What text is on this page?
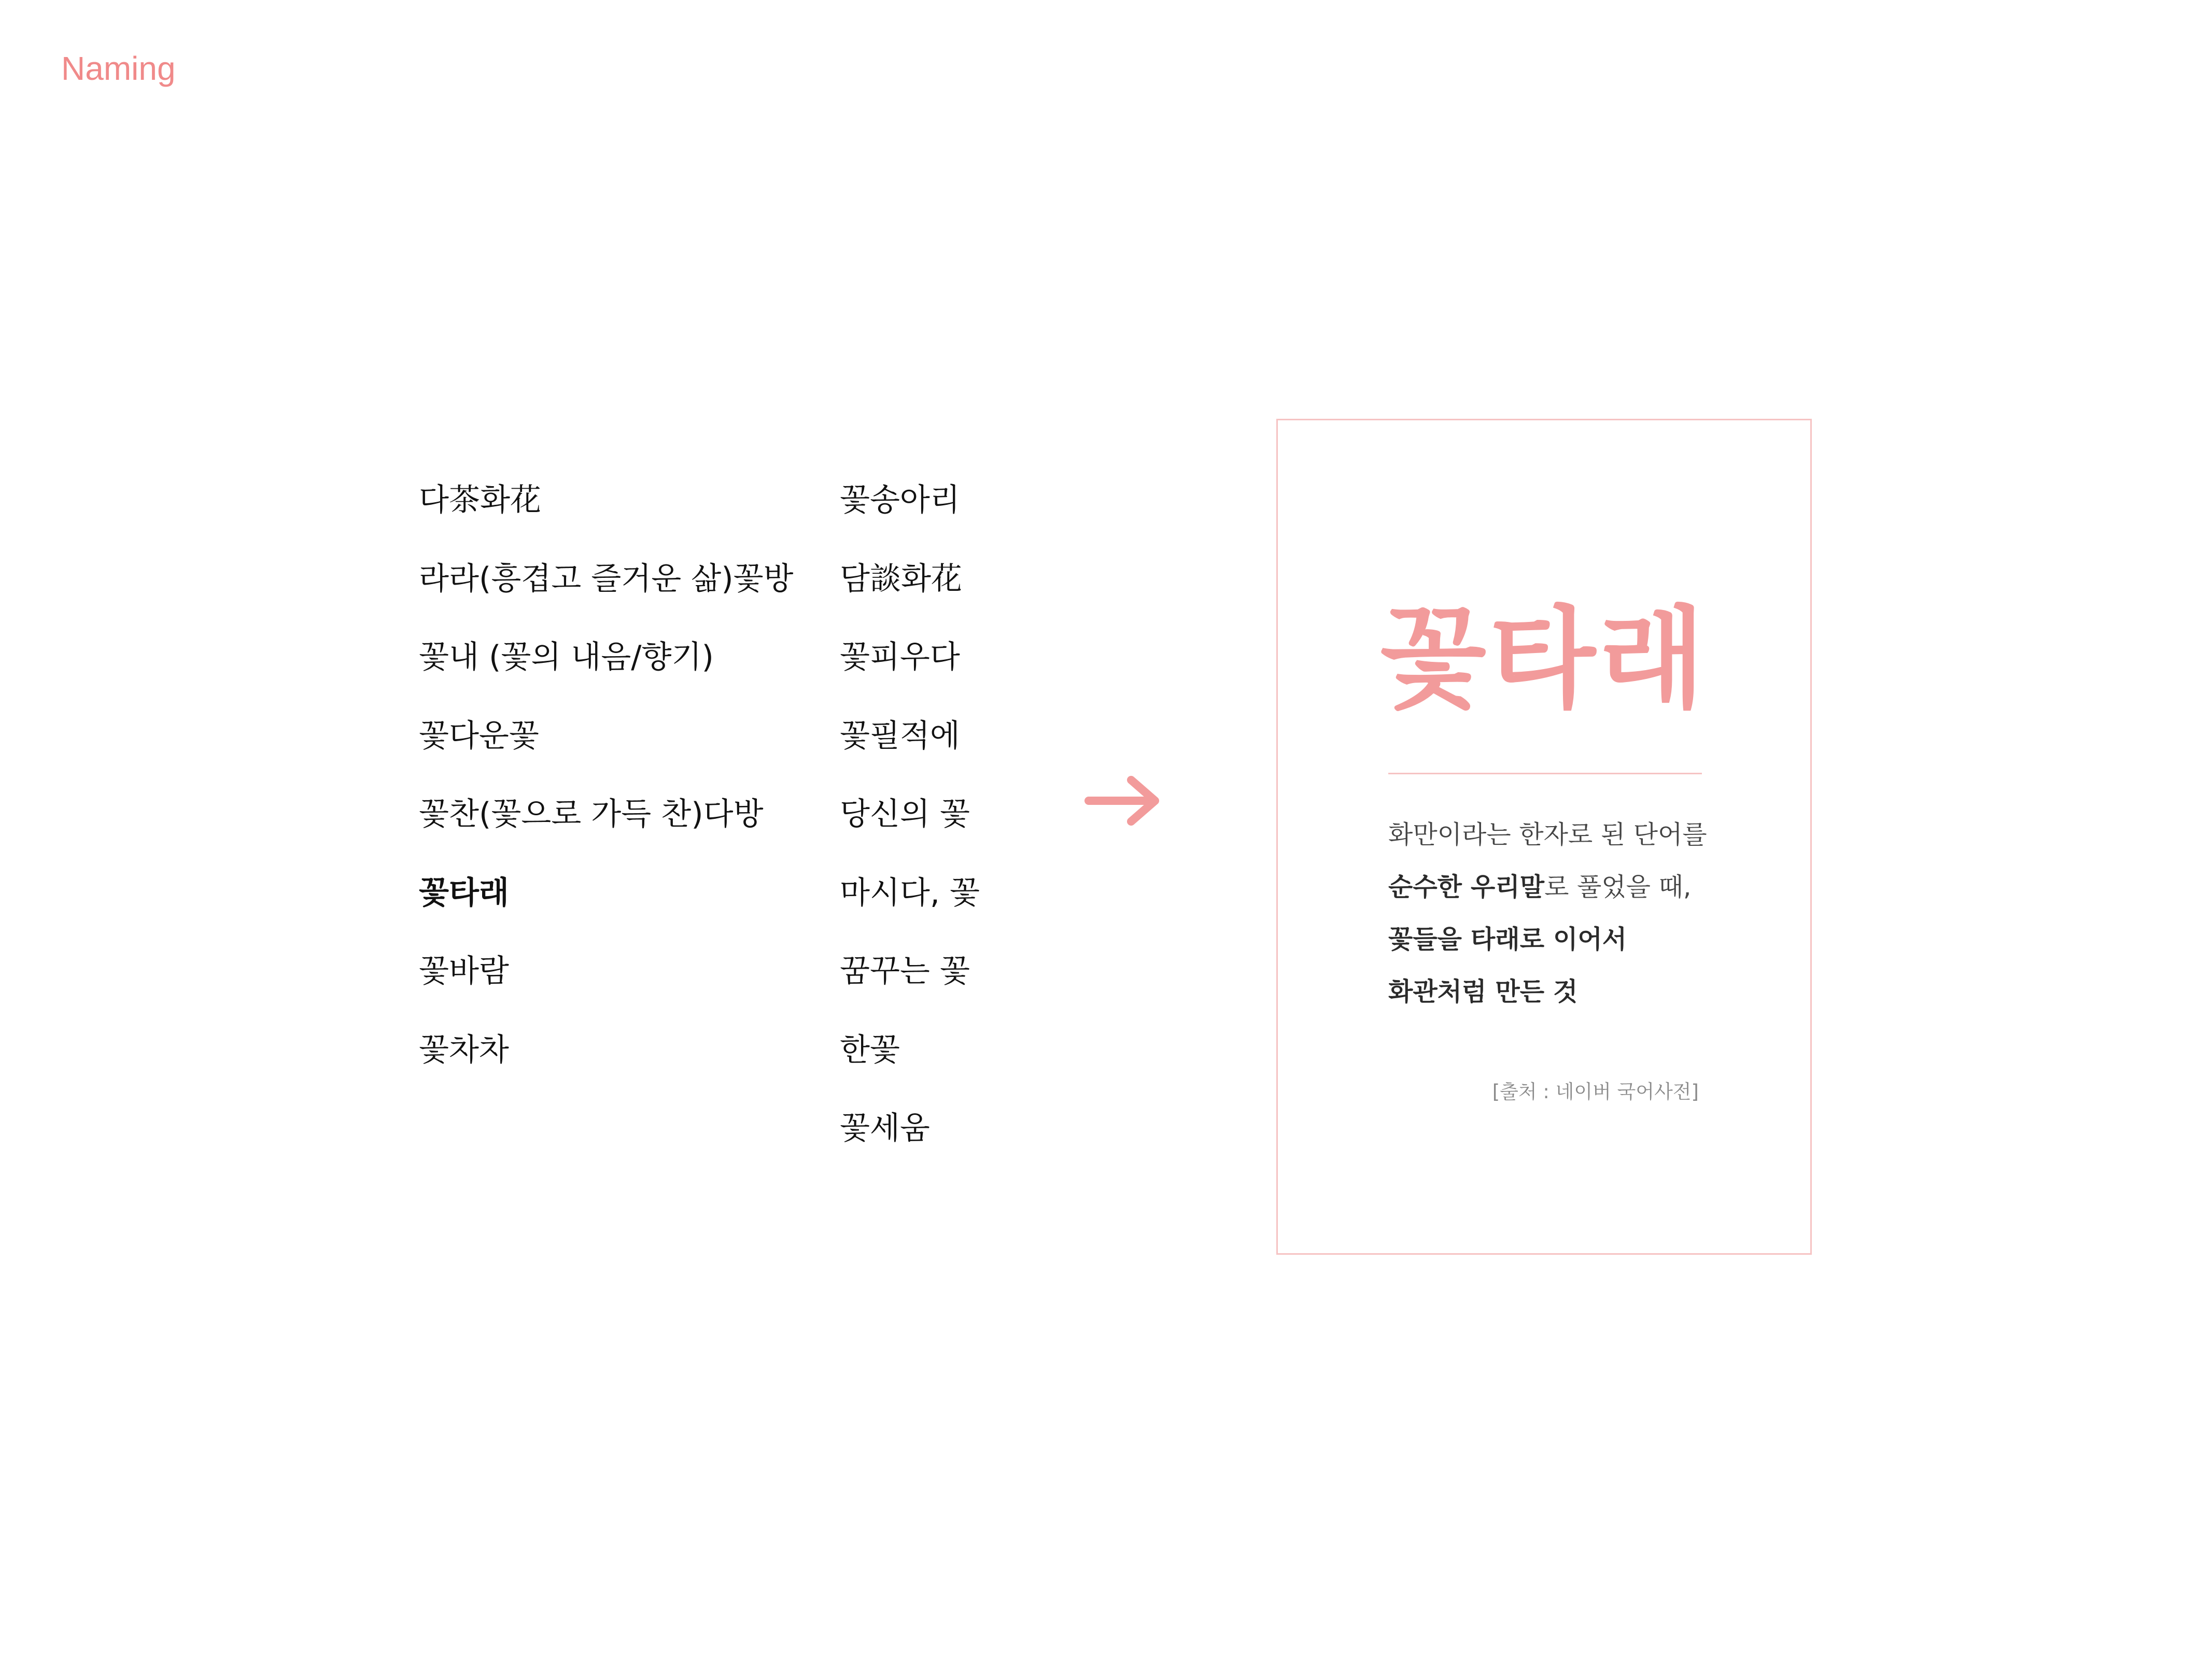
Naming
다茶화花
라라(흥겹고 즐거운 삶)꽃방
꽃내 (꽃의 내음/향기)
꽃다운꽃
꽃찬(꽃으로 가득 찬)다방
꽃타래
꽃바람
꽃차차
꽃송아리
담談화花
꽃피우다
꽃필적에
당신의 꽃
마시다, 꽃
꿈꾸는 꽃
한꽃
꽃세움
꽃타래
화만이라는 한자로 된 단어를
순수한 우리말로 풀었을 때,
꽃들을 타래로 이어서
화관처럼 만든 것
[출처 : 네이버 국어사전]
